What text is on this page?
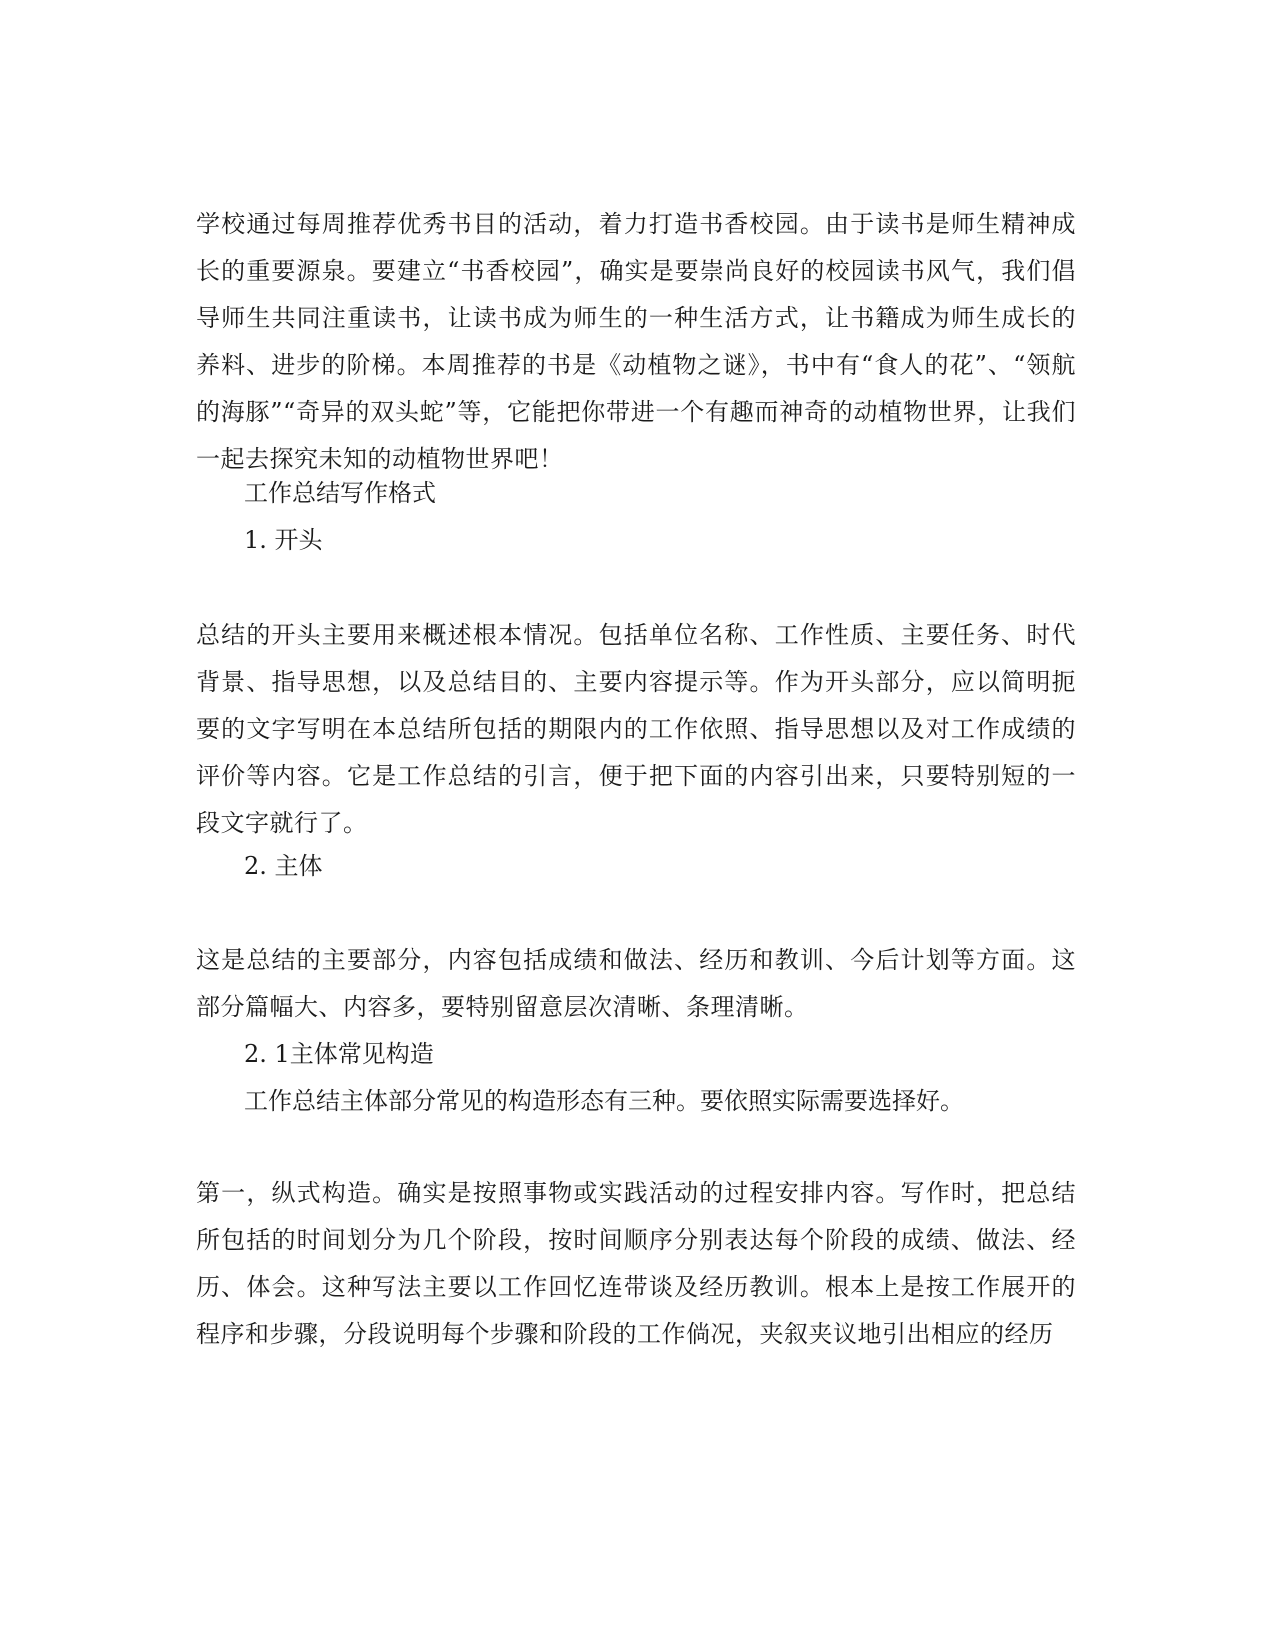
学校通过每周推荐优秀书目的活动，着力打造书香校园。由于读书是师生精神成长的重要源泉。要建立“书香校园”，确实是要崇尚良好的校园读书风气，我们倡导师生共同注重读书，让读书成为师生的一种生活方式，让书籍成为师生成长的养料、进步的阶梯。本周推荐的书是《动植物之谜》，书中有“食人的花”、“领航的海豚”“奇异的双头蛇”等，它能把你带进一个有趣而神奇的动植物世界，让我们一起去探究未知的动植物世界吧！

工作总结写作格式

1. 开头

总结的开头主要用来概述根本情况。包括单位名称、工作性质、主要任务、时代背景、指导思想，以及总结目的、主要内容提示等。作为开头部分，应以简明扼要的文字写明在本总结所包括的期限内的工作依照、指导思想以及对工作成绩的评价等内容。它是工作总结的引言，便于把下面的内容引出来，只要特别短的一段文字就行了。

2. 主体

这是总结的主要部分，内容包括成绩和做法、经历和教训、今后计划等方面。这部分篇幅大、内容多，要特别留意层次清晰、条理清晰。

2. 1主体常见构造

工作总结主体部分常见的构造形态有三种。要依照实际需要选择好。

第一，纵式构造。确实是按照事物或实践活动的过程安排内容。写作时，把总结所包括的时间划分为几个阶段，按时间顺序分别表达每个阶段的成绩、做法、经历、体会。这种写法主要以工作回忆连带谈及经历教训。根本上是按工作展开的程序和步骤，分段说明每个步骤和阶段的工作倘况，夹叙夹议地引出相应的经历
